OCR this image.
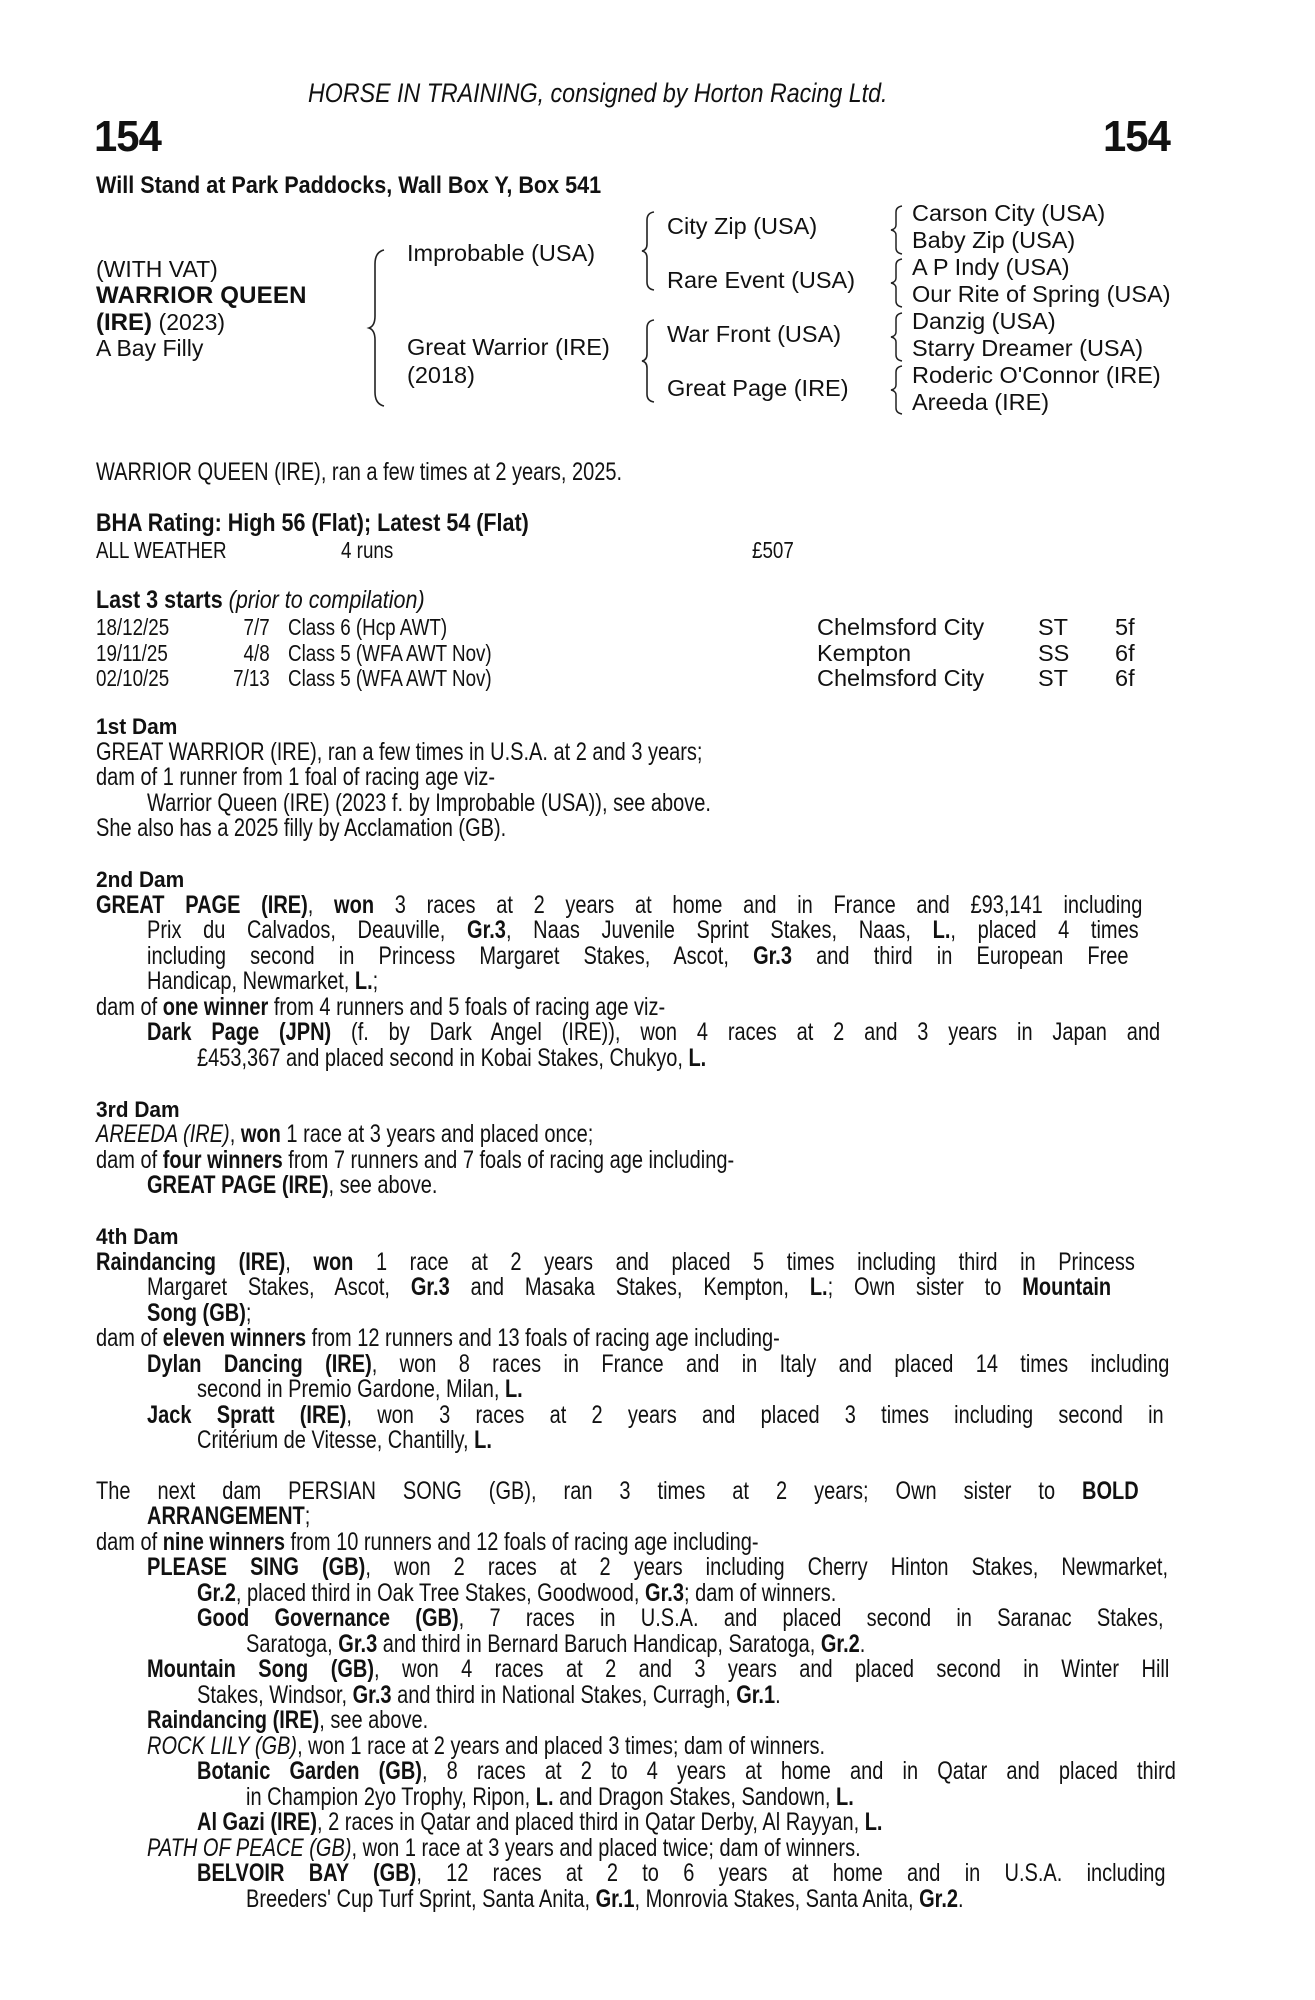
HORSE IN TRAINING, consigned by Horton Racing Ltd.
154	154
Will Stand at Park Paddocks, Wall Box Y, Box 541
(WITH VAT)
WARRIOR QUEEN
(IRE) (2023)
A Bay Filly
Improbable (USA)
Great Warrior (IRE)
(2018)
City Zip (USA)
Rare Event (USA)
War Front (USA)
Great Page (IRE)
Carson City (USA)
Baby Zip (USA)
A P Indy (USA)
Our Rite of Spring (USA)
Danzig (USA)
Starry Dreamer (USA)
Roderic O'Connor (IRE)
Areeda (IRE)
WARRIOR QUEEN (IRE), ran a few times at 2 years, 2025.
BHA Rating: High 56 (Flat); Latest 54 (Flat)
ALL WEATHER	4 runs	£507
Last 3 starts (prior to compilation)
18/12/25	7/7 Class 6 (Hcp AWT)	Chelmsford City ST 5f
19/11/25	4/8 Class 5 (WFA AWT Nov)	Kempton	SS 6f
02/10/25	7/13 Class 5 (WFA AWT Nov)	Chelmsford City ST 6f
1st Dam
GREAT WARRIOR (IRE), ran a few times in U.S.A. at 2 and 3 years;
dam of 1 runner from 1 foal of racing age viz-
Warrior Queen (IRE) (2023 f. by Improbable (USA)), see above.
She also has a 2025 filly by Acclamation (GB).
2nd Dam
GREAT PAGE (IRE), won 3 races at 2 years at home and in France and £93,141 including
Prix du Calvados, Deauville, Gr.3, Naas Juvenile Sprint Stakes, Naas, L., placed 4 times
including second in Princess Margaret Stakes, Ascot, Gr.3 and third in European Free
Handicap, Newmarket, L.;
dam of one winner from 4 runners and 5 foals of racing age viz-
Dark Page (JPN) (f. by Dark Angel (IRE)), won 4 races at 2 and 3 years in Japan and
£453,367 and placed second in Kobai Stakes, Chukyo, L.
3rd Dam
AREEDA (IRE), won 1 race at 3 years and placed once;
dam of four winners from 7 runners and 7 foals of racing age including-
GREAT PAGE (IRE), see above.
4th Dam
Raindancing (IRE), won 1 race at 2 years and placed 5 times including third in Princess
Margaret Stakes, Ascot, Gr.3 and Masaka Stakes, Kempton, L.; Own sister to Mountain
Song (GB);
dam of eleven winners from 12 runners and 13 foals of racing age including-
Dylan Dancing (IRE), won 8 races in France and in Italy and placed 14 times including
second in Premio Gardone, Milan, L.
Jack Spratt (IRE), won 3 races at 2 years and placed 3 times including second in
Critérium de Vitesse, Chantilly, L.
The next dam PERSIAN SONG (GB), ran 3 times at 2 years; Own sister to BOLD
ARRANGEMENT;
dam of nine winners from 10 runners and 12 foals of racing age including-
PLEASE SING (GB), won 2 races at 2 years including Cherry Hinton Stakes, Newmarket,
Gr.2, placed third in Oak Tree Stakes, Goodwood, Gr.3; dam of winners.
Good Governance (GB), 7 races in U.S.A. and placed second in Saranac Stakes,
Saratoga, Gr.3 and third in Bernard Baruch Handicap, Saratoga, Gr.2.
Mountain Song (GB), won 4 races at 2 and 3 years and placed second in Winter Hill
Stakes, Windsor, Gr.3 and third in National Stakes, Curragh, Gr.1.
Raindancing (IRE), see above.
ROCK LILY (GB), won 1 race at 2 years and placed 3 times; dam of winners.
Botanic Garden (GB), 8 races at 2 to 4 years at home and in Qatar and placed third
in Champion 2yo Trophy, Ripon, L. and Dragon Stakes, Sandown, L.
Al Gazi (IRE), 2 races in Qatar and placed third in Qatar Derby, Al Rayyan, L.
PATH OF PEACE (GB), won 1 race at 3 years and placed twice; dam of winners.
BELVOIR BAY (GB), 12 races at 2 to 6 years at home and in U.S.A. including
Breeders' Cup Turf Sprint, Santa Anita, Gr.1, Monrovia Stakes, Santa Anita, Gr.2.
